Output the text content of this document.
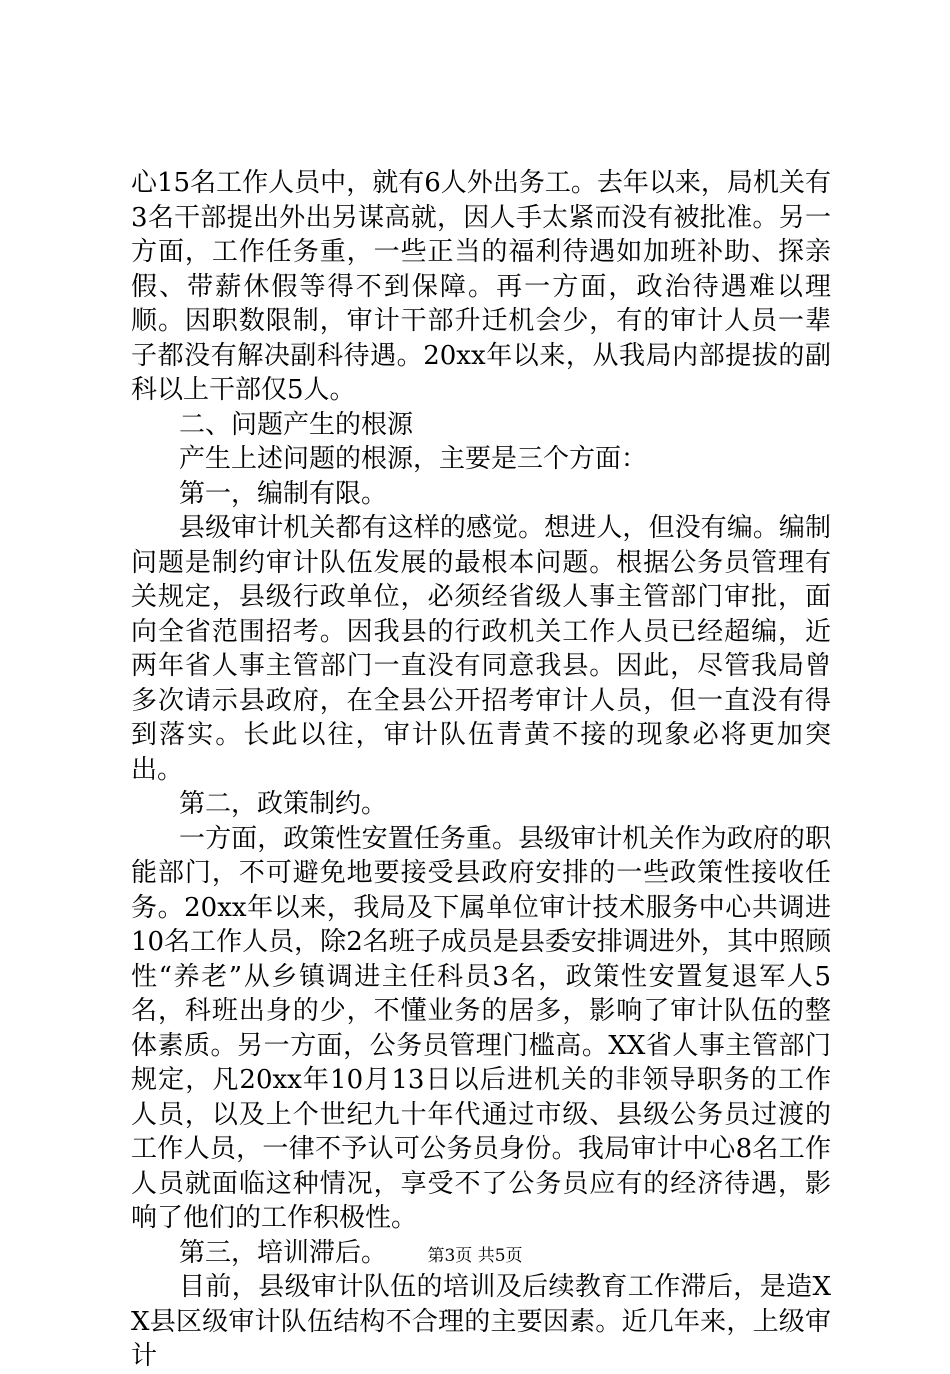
心15名工作人员中，就有6人外出务工。去年以来，局机关有3名干部提出外出另谋高就，因人手太紧而没有被批准。另一方面，工作任务重，一些正当的福利待遇如加班补助、探亲假、带薪休假等得不到保障。再一方面，政治待遇难以理顺。因职数限制，审计干部升迁机会少，有的审计人员一辈子都没有解决副科待遇。20xx年以来，从我局内部提拔的副科以上干部仅5人。

二、问题产生的根源

产生上述问题的根源，主要是三个方面：

第一，编制有限。

县级审计机关都有这样的感觉。想进人，但没有编。编制问题是制约审计队伍发展的最根本问题。根据公务员管理有关规定，县级行政单位，必须经省级人事主管部门审批，面向全省范围招考。因我县的行政机关工作人员已经超编，近两年省人事主管部门一直没有同意我县。因此，尽管我局曾多次请示县政府，在全县公开招考审计人员，但一直没有得到落实。长此以往，审计队伍青黄不接的现象必将更加突出。

第二，政策制约。

一方面，政策性安置任务重。县级审计机关作为政府的职能部门，不可避免地要接受县政府安排的一些政策性接收任务。20xx年以来，我局及下属单位审计技术服务中心共调进10名工作人员，除2名班子成员是县委安排调进外，其中照顾性“养老”从乡镇调进主任科员3名，政策性安置复退军人5名，科班出身的少，不懂业务的居多，影响了审计队伍的整体素质。另一方面，公务员管理门槛高。XX省人事主管部门规定，凡20xx年10月13日以后进机关的非领导职务的工作人员，以及上个世纪九十年代通过市级、县级公务员过渡的工作人员，一律不予认可公务员身份。我局审计中心8名工作人员就面临这种情况，享受不了公务员应有的经济待遇，影响了他们的工作积极性。

第三，培训滞后。

目前，县级审计队伍的培训及后续教育工作滞后，是造XX县区级审计队伍结构不合理的主要因素。近几年来，上级审计

第3页 共5页
